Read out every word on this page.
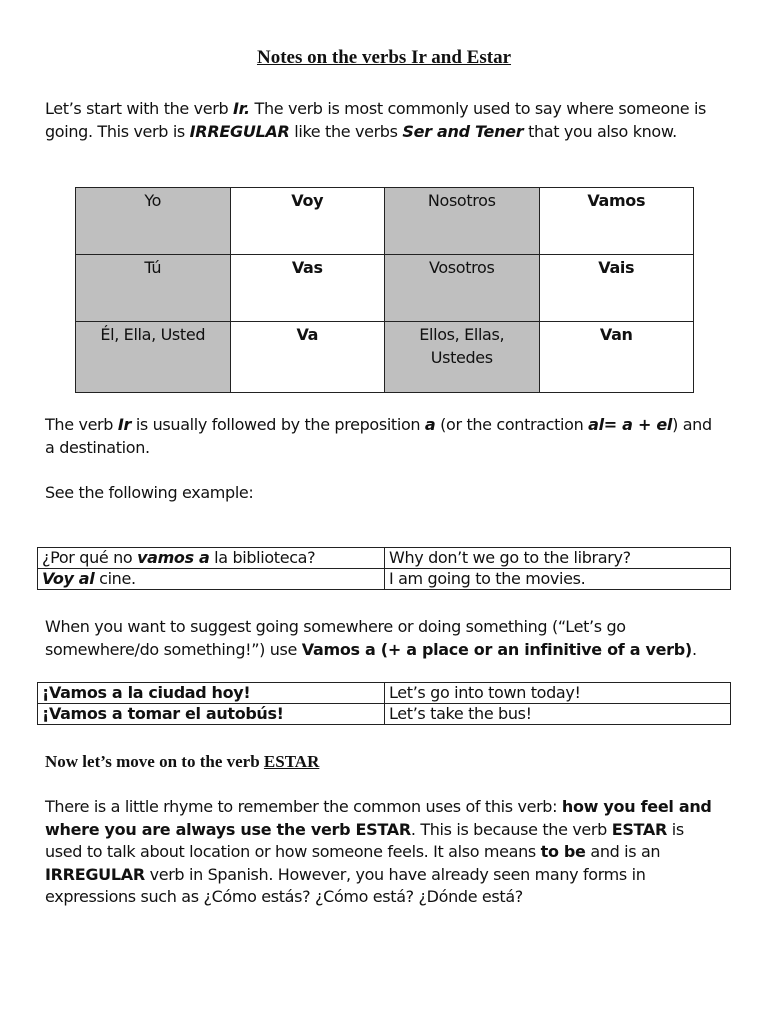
Notes on the verbs Ir and Estar
Let’s start with the verb Ir. The verb is most commonly used to say where someone is going. This verb is IRREGULAR like the verbs Ser and Tener that you also know.
Yo	Voy	Nosotros	Vamos
Tú	Vas	Vosotros	Vais
Él, Ella, Usted	Va	Ellos, Ellas, Ustedes	Van
The verb Ir is usually followed by the preposition a (or the contraction al= a + el) and a destination.
See the following example:
¿Por qué no vamos a la biblioteca?	Why don’t we go to the library?
Voy al cine.	I am going to the movies.
When you want to suggest going somewhere or doing something (“Let’s go somewhere/do something!”) use Vamos a (+ a place or an infinitive of a verb).
¡Vamos a la ciudad hoy!	Let’s go into town today!
¡Vamos a tomar el autobús!	Let’s take the bus!
Now let’s move on to the verb ESTAR
There is a little rhyme to remember the common uses of this verb: how you feel and where you are always use the verb ESTAR. This is because the verb ESTAR is used to talk about location or how someone feels. It also means to be and is an IRREGULAR verb in Spanish. However, you have already seen many forms in expressions such as ¿Cómo estás? ¿Cómo está? ¿Dónde está?
